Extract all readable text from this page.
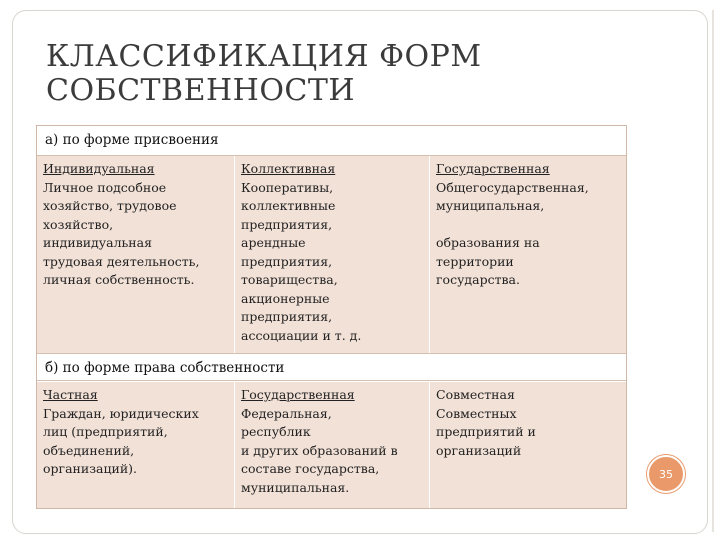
КЛАССИФИКАЦИЯ ФОРМ
СОБСТВЕННОСТИ
а) по форме присвоения
Индивидуальная
Личное подсобное
хозяйство, трудовое
хозяйство,
индивидуальная
трудовая деятельность,
личная собственность.
Коллективная
Кооперативы,
коллективные
предприятия,
арендные
предприятия,
товарищества,
акционерные
предприятия,
ассоциации и т. д.
Государственная
Общегосударственная,
муниципальная,
образования на
территории
государства.
б) по форме права собственности
Частная
Граждан, юридических
лиц (предприятий,
объединений,
организаций).
Государственная
Федеральная,
республик
и других образований в
составе государства,
муниципальная.
Совместная
Совместных
предприятий и
организаций
35
